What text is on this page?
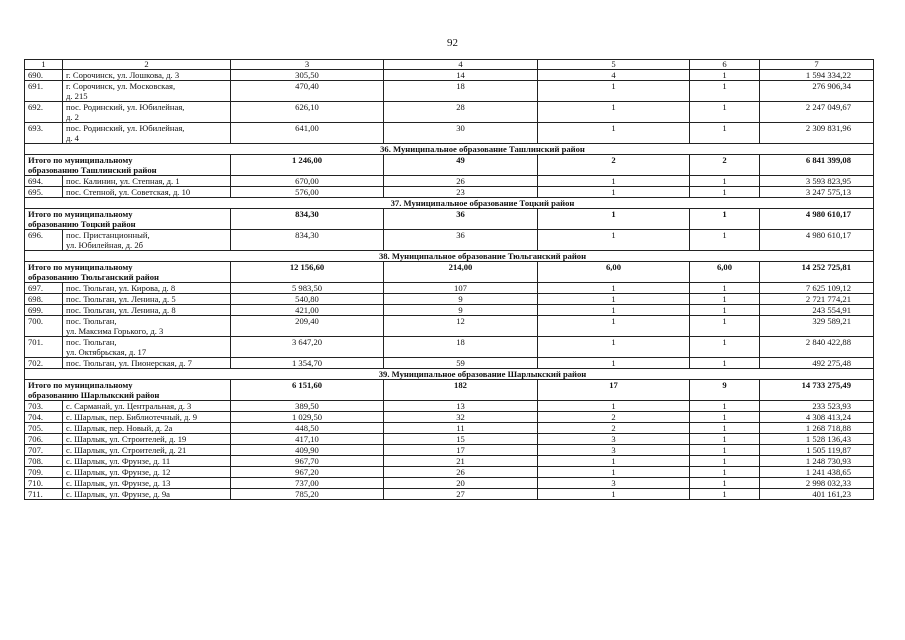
92
1	2	3	4	5	6	7
690.	г. Сорочинск, ул. Лошкова, д. 3	305,50	14	4	1	1 594 334,22
691.	г. Сорочинск, ул. Московская,
д. 215	470,40	18	1	1	276 906,34
692.	пос. Родинский, ул. Юбилейная,
д. 2	626,10	28	1	1	2 247 049,67
693.	пос. Родинский, ул. Юбилейная,
д. 4	641,00	30	1	1	2 309 831,96
36. Муниципальное образование Ташлинский район						
Итого по муниципальному
образованию Ташлинский район		1 246,00	49	2	2	6 841 399,08
694.	пос. Калинин, ул. Степная, д. 1	670,00	26	1	1	3 593 823,95
695.	пос. Степной, ул. Советская, д. 10	576,00	23	1	1	3 247 575,13
37. Муниципальное образование Тоцкий район						
Итого по муниципальному
образованию Тоцкий район		834,30	36	1	1	4 980 610,17
696.	пос. Пристанционный,
ул. Юбилейная, д. 2б	834,30	36	1	1	4 980 610,17
38. Муниципальное образование Тюльганский район						
Итого по муниципальному
образованию Тюльганский район		12 156,60	214,00	6,00	6,00	14 252 725,81
697.	пос. Тюльган, ул. Кирова, д. 8	5 983,50	107	1	1	7 625 109,12
698.	пос. Тюльган, ул. Ленина, д. 5	540,80	9	1	1	2 721 774,21
699.	пос. Тюльган, ул. Ленина, д. 8	421,00	9	1	1	243 554,91
700.	пос. Тюльган,
ул. Максима Горького, д. 3	209,40	12	1	1	329 589,21
701.	пос. Тюльган,
ул. Октябрьская, д. 17	3 647,20	18	1	1	2 840 422,88
702.	пос. Тюльган, ул. Пионерская, д. 7	1 354,70	59	1	1	492 275,48
39. Муниципальное образование Шарлыкский район						
Итого по муниципальному
образованию Шарлыкский район		6 151,60	182	17	9	14 733 275,49
703.	с. Сарманай, ул. Центральная, д. 3	389,50	13	1	1	233 523,93
704.	с. Шарлык, пер. Библиотечный, д. 9	1 029,50	32	2	1	4 308 413,24
705.	с. Шарлык, пер. Новый, д. 2а	448,50	11	2	1	1 268 718,88
706.	с. Шарлык, ул. Строителей, д. 19	417,10	15	3	1	1 528 136,43
707.	с. Шарлык, ул. Строителей, д. 21	409,90	17	3	1	1 505 119,87
708.	с. Шарлык, ул. Фрунзе, д. 11	967,70	21	1	1	1 248 730,93
709.	с. Шарлык, ул. Фрунзе, д. 12	967,20	26	1	1	1 241 438,65
710.	с. Шарлык, ул. Фрунзе, д. 13	737,00	20	3	1	2 998 032,33
711.	с. Шарлык, ул. Фрунзе, д. 9а	785,20	27	1	1	401 161,23
